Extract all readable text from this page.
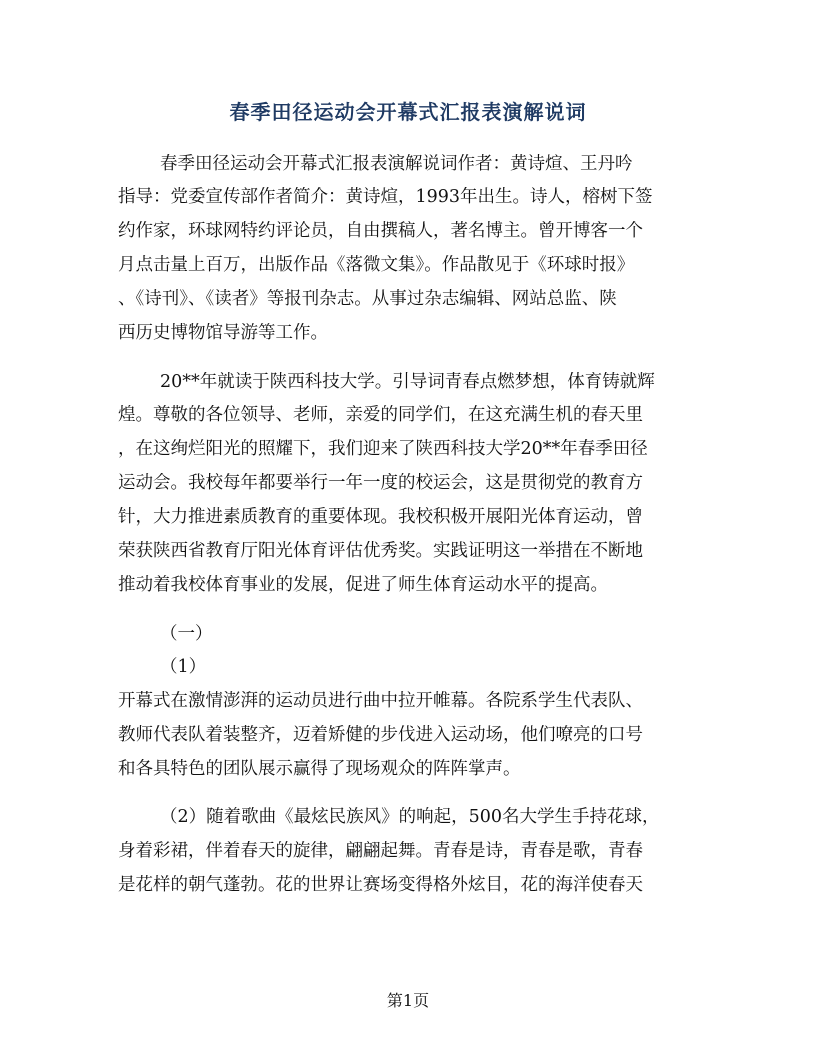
春季田径运动会开幕式汇报表演解说词
春季田径运动会开幕式汇报表演解说词作者：黄诗煊、王丹吟
指导：党委宣传部作者简介：黄诗煊，1993年出生。诗人，榕树下签
约作家，环球网特约评论员，自由撰稿人，著名博主。曾开博客一个
月点击量上百万，出版作品《落微文集》。作品散见于《环球时报》
、《诗刊》、《读者》等报刊杂志。从事过杂志编辑、网站总监、陕
西历史博物馆导游等工作。
20**年就读于陕西科技大学。引导词青春点燃梦想，体育铸就辉
煌。尊敬的各位领导、老师，亲爱的同学们，在这充满生机的春天里
，在这绚烂阳光的照耀下，我们迎来了陕西科技大学20**年春季田径
运动会。我校每年都要举行一年一度的校运会，这是贯彻党的教育方
针，大力推进素质教育的重要体现。我校积极开展阳光体育运动，曾
荣获陕西省教育厅阳光体育评估优秀奖。实践证明这一举措在不断地
推动着我校体育事业的发展，促进了师生体育运动水平的提高。
（一）
（1）
开幕式在激情澎湃的运动员进行曲中拉开帷幕。各院系学生代表队、
教师代表队着装整齐，迈着矫健的步伐进入运动场，他们嘹亮的口号
和各具特色的团队展示赢得了现场观众的阵阵掌声。
（2）随着歌曲《最炫民族风》的响起，500名大学生手持花球，
身着彩裙，伴着春天的旋律，翩翩起舞。青春是诗，青春是歌，青春
是花样的朝气蓬勃。花的世界让赛场变得格外炫目，花的海洋使春天
第1页
